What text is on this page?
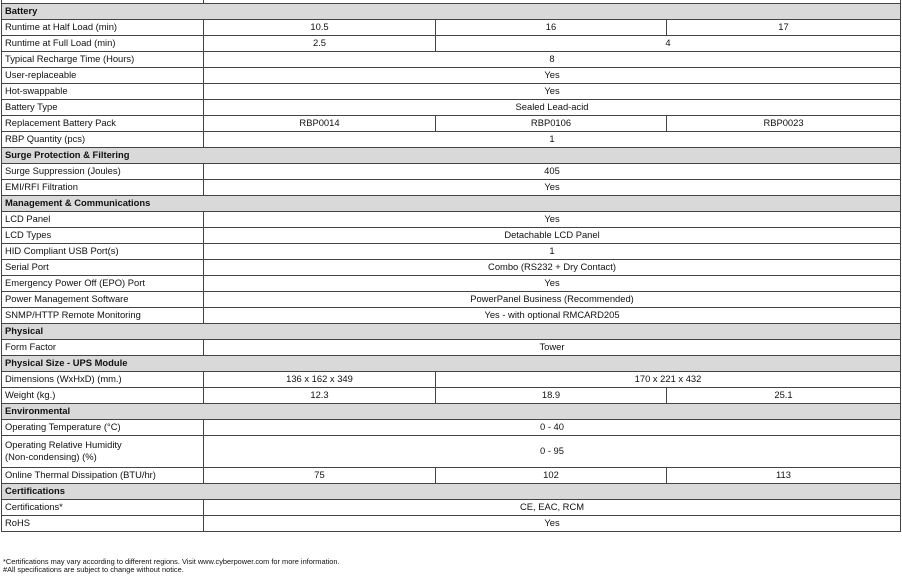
Battery			
Runtime at Half Load (min)	10.5	16	17
Runtime at Full Load (min)	2.5	4	
Typical Recharge Time (Hours)	8		
User-replaceable	Yes		
Hot-swappable	Yes		
Battery Type	Sealed Lead-acid		
Replacement Battery Pack	RBP0014	RBP0106	RBP0023
RBP Quantity (pcs)	1		
Surge Protection & Filtering			
Surge Suppression (Joules)	405		
EMI/RFI Filtration	Yes		
Management & Communications			
LCD Panel	Yes		
LCD Types	Detachable LCD Panel		
HID Compliant USB Port(s)	1		
Serial Port	Combo (RS232 + Dry Contact)		
Emergency Power Off (EPO) Port	Yes		
Power Management Software	PowerPanel Business (Recommended)		
SNMP/HTTP Remote Monitoring	Yes - with optional RMCARD205		
Physical			
Form Factor	Tower		
Physical Size - UPS Module			
Dimensions (WxHxD) (mm.)	136 x 162 x 349	170 x 221 x 432	
Weight (kg.)	12.3	18.9	25.1
Environmental			
Operating Temperature (°C)	0 - 40		

Operating Relative Humidity
(Non-condensing) (%)	0 - 95		
Online Thermal Dissipation (BTU/hr)	75	102	113
Certifications			
Certifications*	CE, EAC, RCM		
RoHS	Yes		
*Certifications may vary according to different regions. Visit www.cyberpower.com for more information.
#All specifications are subject to change without notice.
